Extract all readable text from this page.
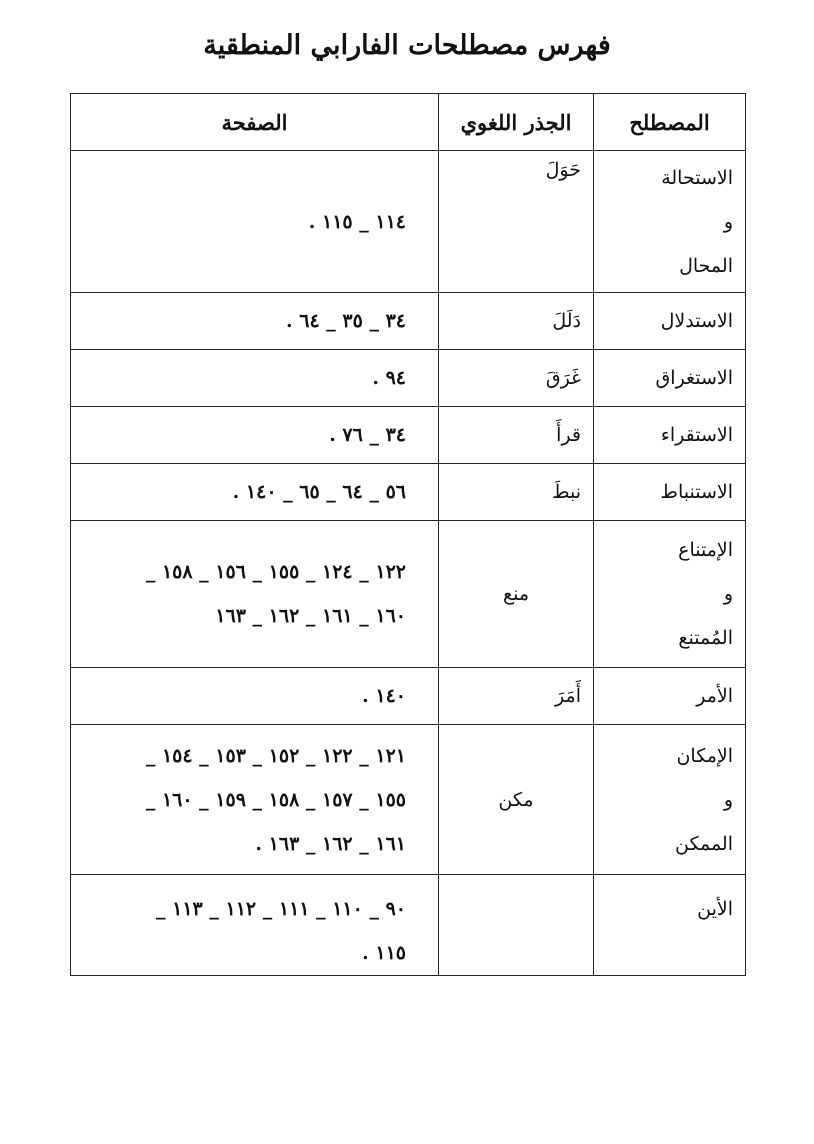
فهرس مصطلحات الفارابي المنطقية
المصطلح	الجذر اللغوي	الصفحة

الاستحالة
و
المحال	حَوَلَ	١١٤ _ ١١٥ .

الاستدلال	دَلَلَ	٣٤ _ ٣٥ _ ٦٤ .

الاستغراق	غَرَقَ	٩٤ .

الاستقراء	قرأَ	٣٤ _ ٧٦ .

الاستنباط	نبطَ	٥٦ _ ٦٤ _ ٦٥ _ ١٤٠ .

الإمتناع
و
المُمتنع	منع	١٢٢ _ ١٢٤ _ ١٥٥ _ ١٥٦ _ ١٥٨ _
١٦٠ _ ١٦١ _ ١٦٢ _ ١٦٣

الأمر	أَمَرَ	١٤٠ .

الإمكان
و
الممكن	مكن	١٢١ _ ١٢٢ _ ١٥٢ _ ١٥٣ _ ١٥٤ _
١٥٥ _ ١٥٧ _ ١٥٨ _ ١٥٩ _ ١٦٠ _
١٦١ _ ١٦٢ _ ١٦٣ .

الأين		٩٠ _ ١١٠ _ ١١١ _ ١١٢ _ ١١٣ _
١١٥ .
